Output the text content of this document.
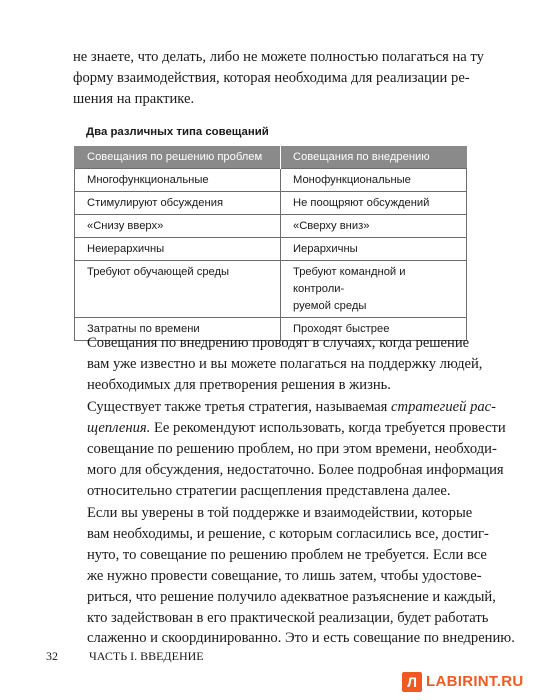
не знаете, что делать, либо не можете полностью полагаться на ту
форму взаимодействия, которая необходима для реализации ре-
шения на практике.

Два различных типа совещаний

Совещания по решению проблем	Совещания по внедрению
Многофункциональные	Монофункциональные
Стимулируют обсуждения	Не поощряют обсуждений
«Снизу вверх»	«Сверху вниз»
Неиерархичны	Иерархичны
Требуют обучающей среды	Требуют командной и контроли-
руемой среды

Затратны по времени	Проходят быстрее

Совещания по внедрению проводят в случаях, когда решение
вам уже известно и вы можете полагаться на поддержку людей,
необходимых для претворения решения в жизнь.

Существует также третья стратегия, называемая стратегией рас-
щепления. Ее рекомендуют использовать, когда требуется провести
совещание по решению проблем, но при этом времени, необходи-
мого для обсуждения, недостаточно. Более подробная информация
относительно стратегии расщепления представлена далее.

Если вы уверены в той поддержке и взаимодействии, которые
вам необходимы, и решение, с которым согласились все, достиг-
нуто, то совещание по решению проблем не требуется. Если все
же нужно провести совещание, то лишь затем, чтобы удостове-
риться, что решение получило адекватное разъяснение и каждый,
кто задействован в его практической реализации, будет работать
слаженно и скоординированно. Это и есть совещание по внедрению.

32	ЧАСТЬ I. ВВЕДЕНИЕ

Л LABIRINT.RU
